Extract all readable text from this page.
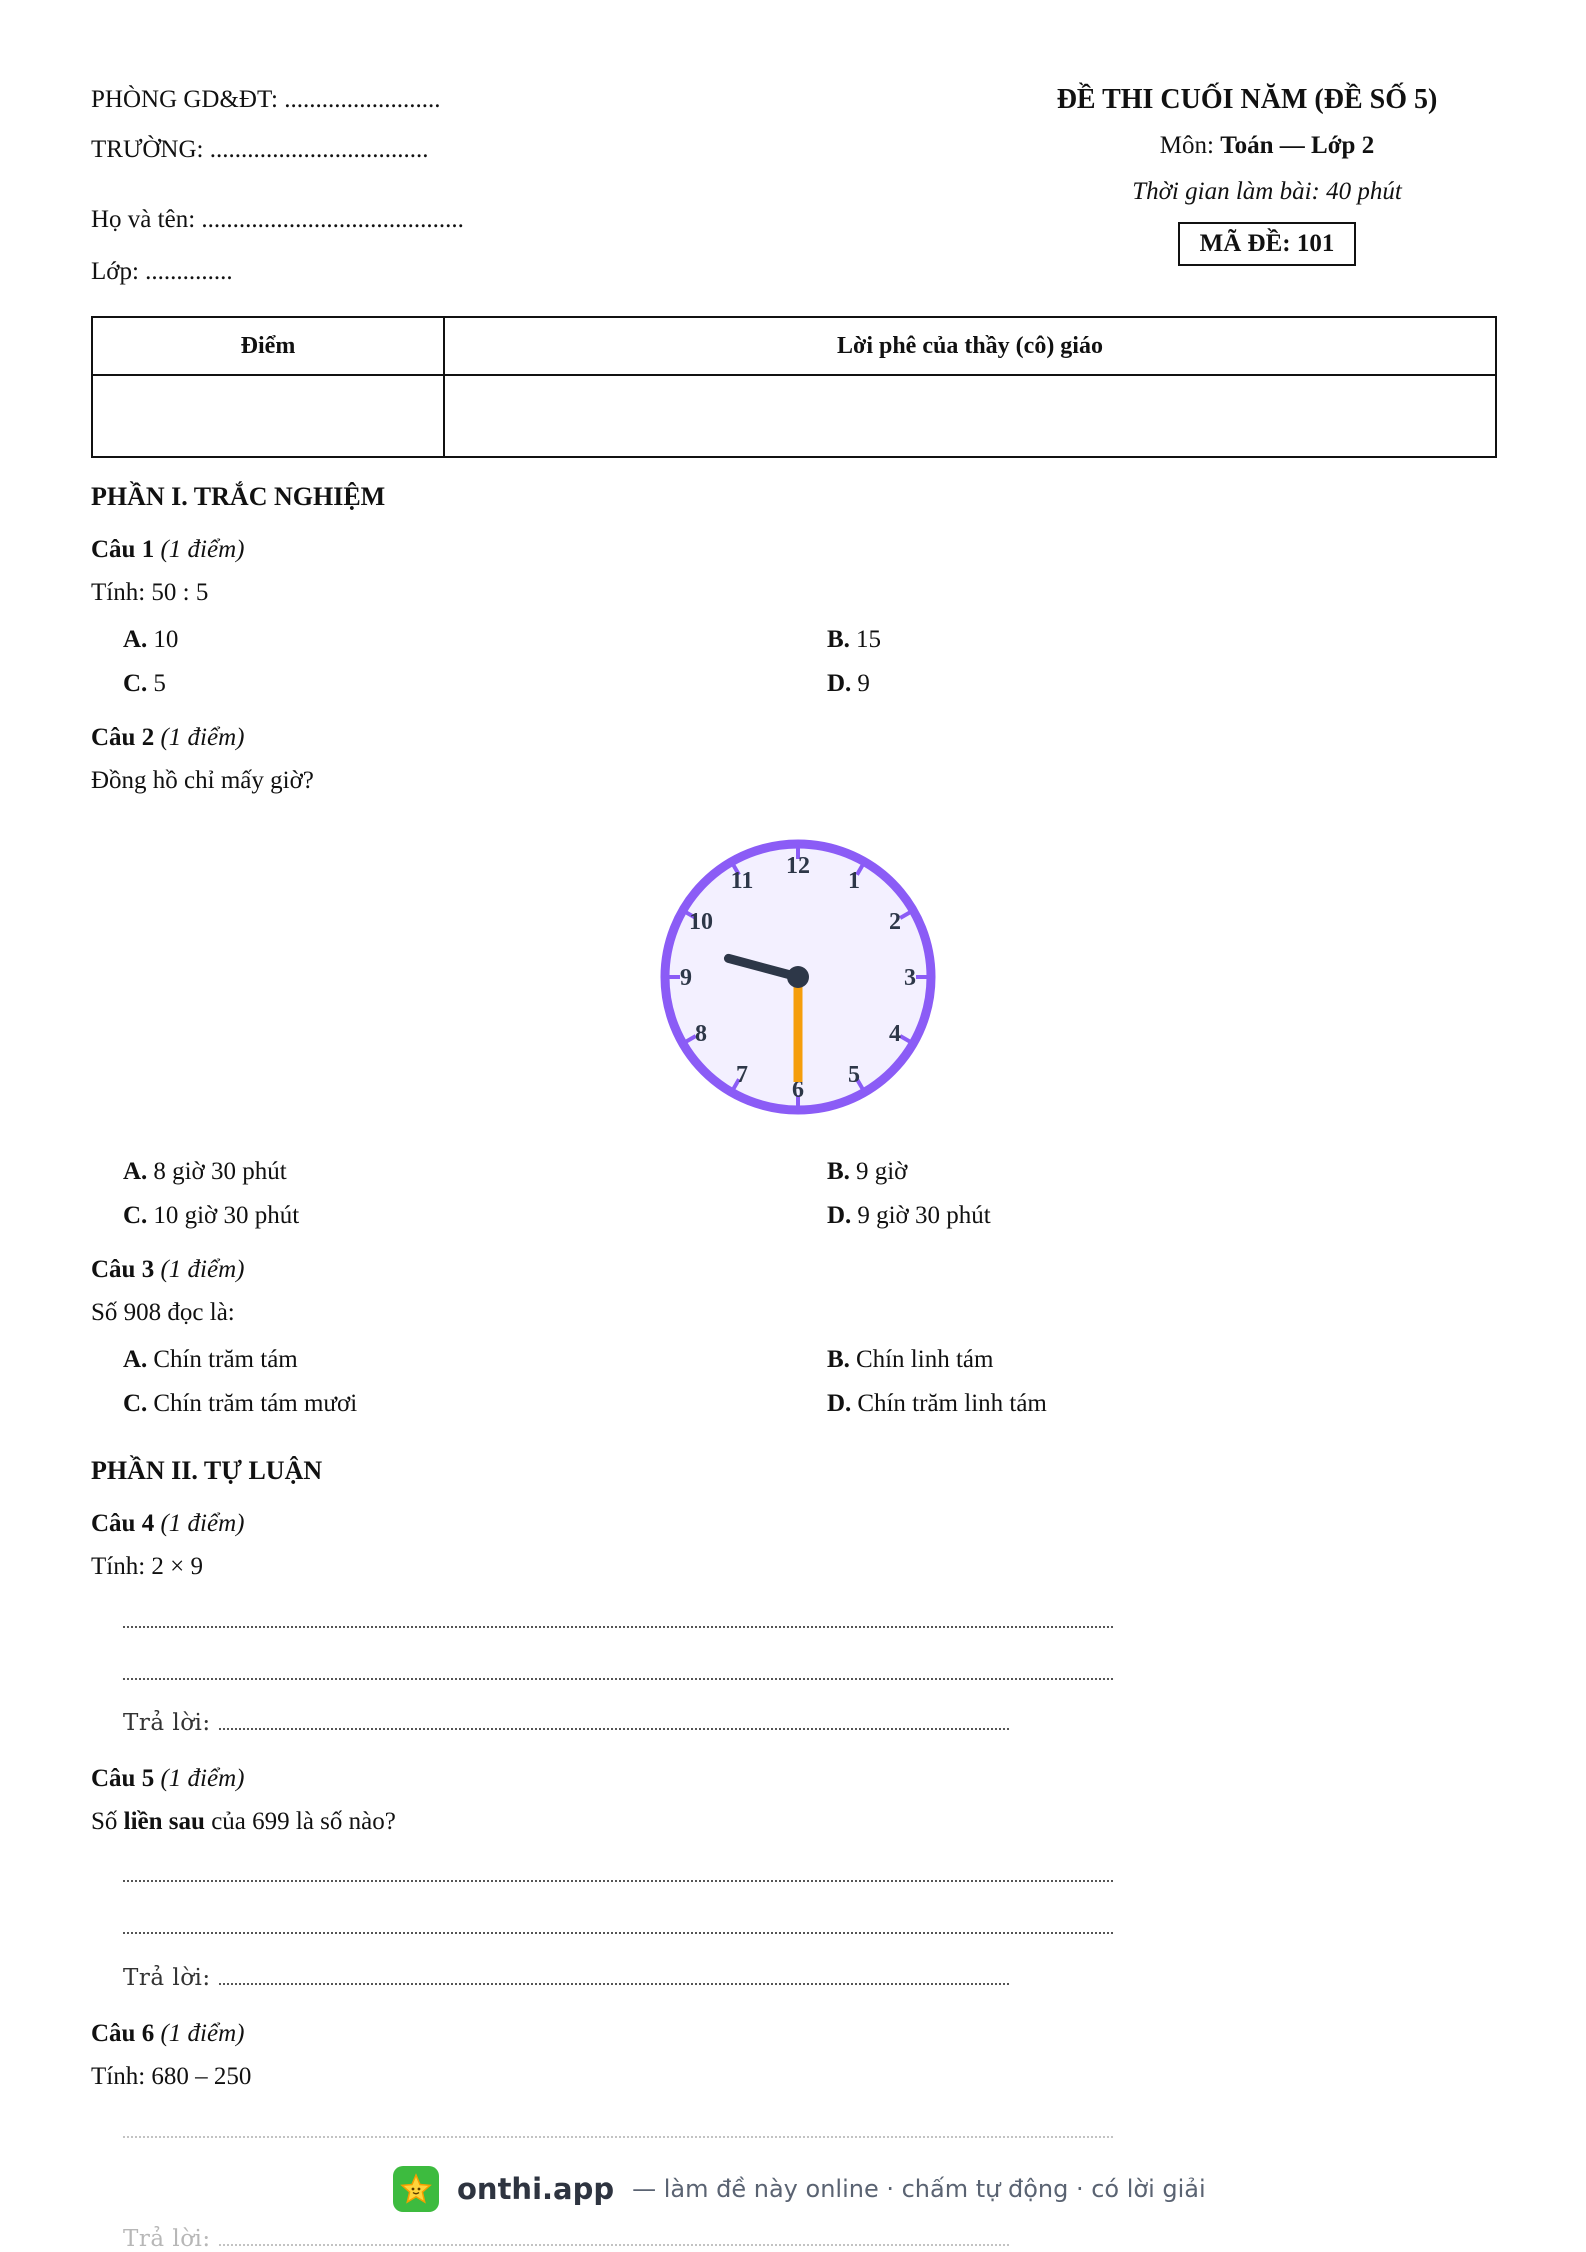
PHÒNG GD&ĐT: .........................
TRƯỜNG: ...................................
Họ và tên: ..........................................
Lớp: ..............
ĐỀ THI CUỐI NĂM (ĐỀ SỐ 5)
Môn: Toán — Lớp 2
Thời gian làm bài: 40 phút
MÃ ĐỀ: 101
Điểm	Lời phê của thầy (cô) giáo

PHẦN I. TRẮC NGHIỆM
Câu 1 (1 điểm)
Tính: 50 : 5
A. 10	B. 15
C. 5	D. 9
Câu 2 (1 điểm)
Đồng hồ chỉ mấy giờ?
12
1
2
3
4
5
6
7
8
9
10
11
A. 8 giờ 30 phút	B. 9 giờ
C. 10 giờ 30 phút	D. 9 giờ 30 phút
Câu 3 (1 điểm)
Số 908 đọc là:
A. Chín trăm tám	B. Chín linh tám
C. Chín trăm tám mươi	D. Chín trăm linh tám
PHẦN II. TỰ LUẬN
Câu 4 (1 điểm)
Tính: 2 × 9
Trả lời:
Câu 5 (1 điểm)
Số liền sau của 699 là số nào?
Trả lời:
Câu 6 (1 điểm)
Tính: 680 – 250
onthi.app — làm đề này online · chấm tự động · có lời giải
Trả lời:
